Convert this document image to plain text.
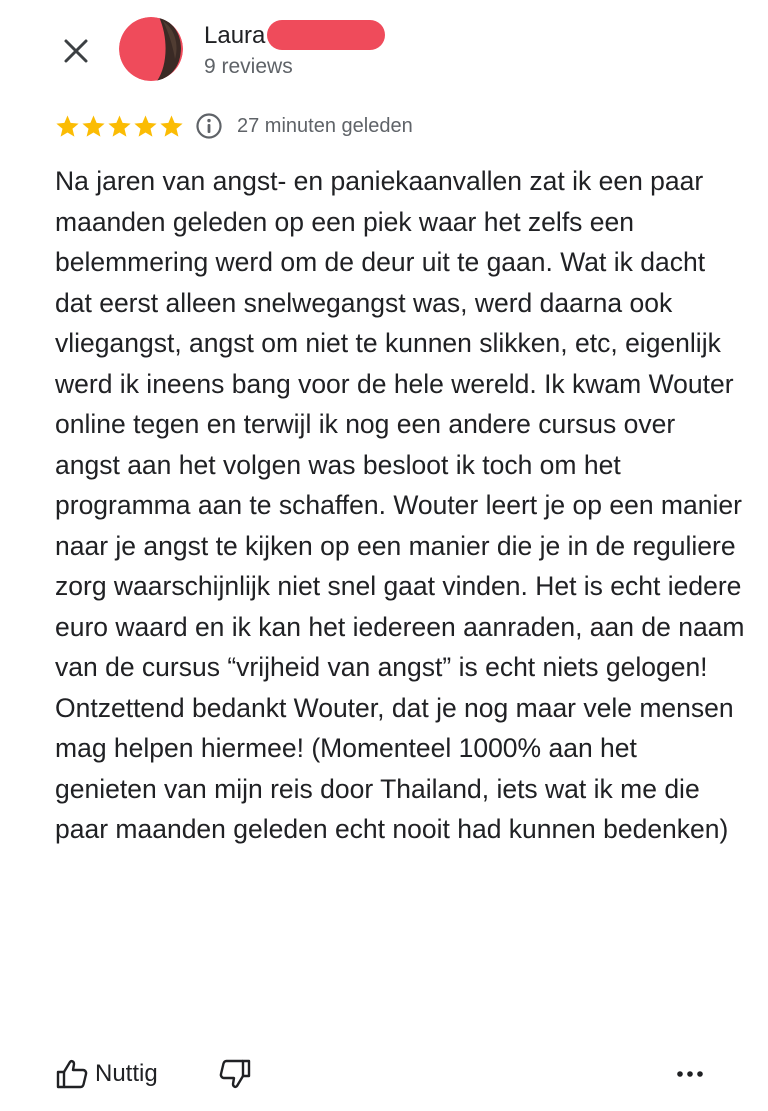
Laura
9 reviews
27 minuten geleden

Na jaren van angst- en paniekaanvallen zat ik een paar maanden geleden op een piek waar het zelfs een belemmering werd om de deur uit te gaan. Wat ik dacht dat eerst alleen snelwegangst was, werd daarna ook vliegangst, angst om niet te kunnen slikken, etc, eigenlijk werd ik ineens bang voor de hele wereld. Ik kwam Wouter online tegen en terwijl ik nog een andere cursus over angst aan het volgen was besloot ik toch om het programma aan te schaffen. Wouter leert je op een manier naar je angst te kijken op een manier die je in de reguliere zorg waarschijnlijk niet snel gaat vinden. Het is echt iedere euro waard en ik kan het iedereen aanraden, aan de naam van de cursus “vrijheid van angst” is echt niets gelogen! Ontzettend bedankt Wouter, dat je nog maar vele mensen mag helpen hiermee! (Momenteel 1000% aan het genieten van mijn reis door Thailand, iets wat ik me die paar maanden geleden echt nooit had kunnen bedenken)

Nuttig
